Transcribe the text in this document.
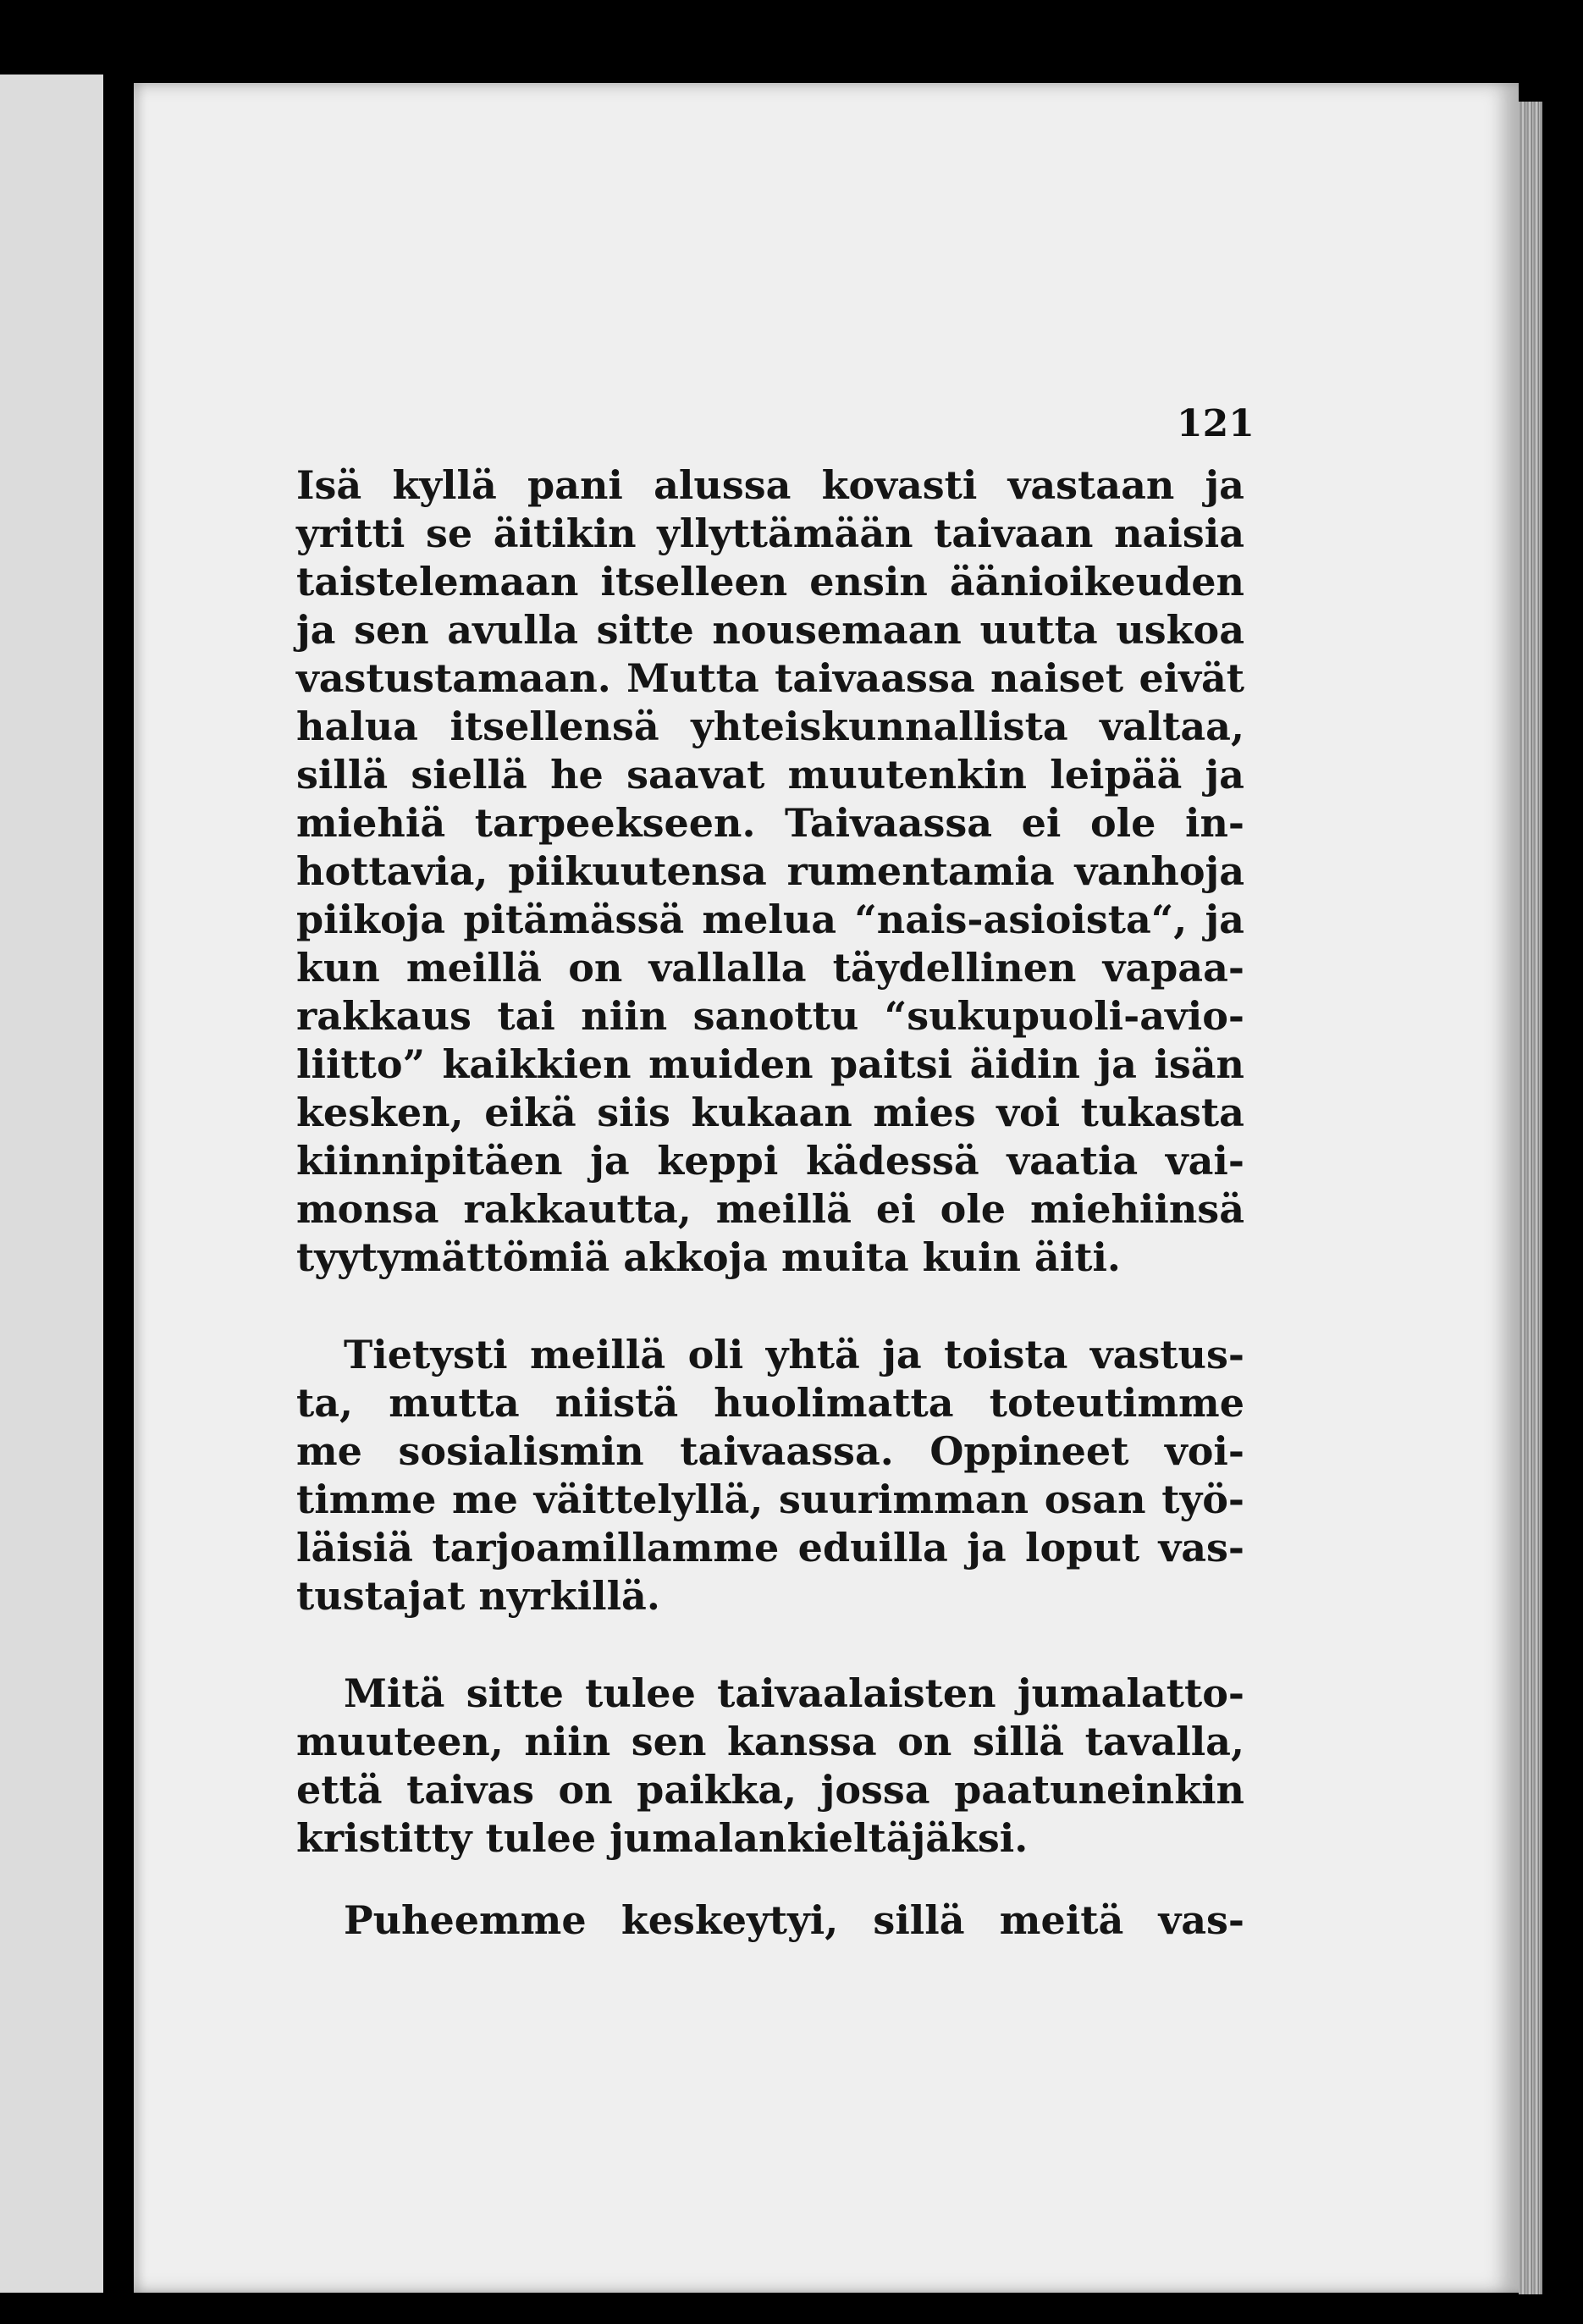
121

Isä kyllä pani alussa kovasti vastaan ja
yritti se äitikin yllyttämään taivaan naisia
taistelemaan itselleen ensin äänioikeuden
ja sen avulla sitte nousemaan uutta uskoa
vastustamaan. Mutta taivaassa naiset eivät
halua itsellensä yhteiskunnallista valtaa,
sillä siellä he saavat muutenkin leipää ja
miehiä tarpeekseen. Taivaassa ei ole in-
hottavia, piikuutensa rumentamia vanhoja
piikoja pitämässä melua “nais-asioista“, ja
kun meillä on vallalla täydellinen vapaa-
rakkaus tai niin sanottu “sukupuoli-avio-
liitto” kaikkien muiden paitsi äidin ja isän
kesken, eikä siis kukaan mies voi tukasta
kiinnipitäen ja keppi kädessä vaatia vai-
monsa rakkautta, meillä ei ole miehiinsä
tyytymättömiä akkoja muita kuin äiti.

Tietysti meillä oli yhtä ja toista vastus-
ta, mutta niistä huolimatta toteutimme
me sosialismin taivaassa. Oppineet voi-
timme me väittelyllä, suurimman osan työ-
läisiä tarjoamillamme eduilla ja loput vas-
tustajat nyrkillä.

Mitä sitte tulee taivaalaisten jumalatto-
muuteen, niin sen kanssa on sillä tavalla,
että taivas on paikka, jossa paatuneinkin
kristitty tulee jumalankieltäjäksi.

Puheemme keskeytyi, sillä meitä vas-
